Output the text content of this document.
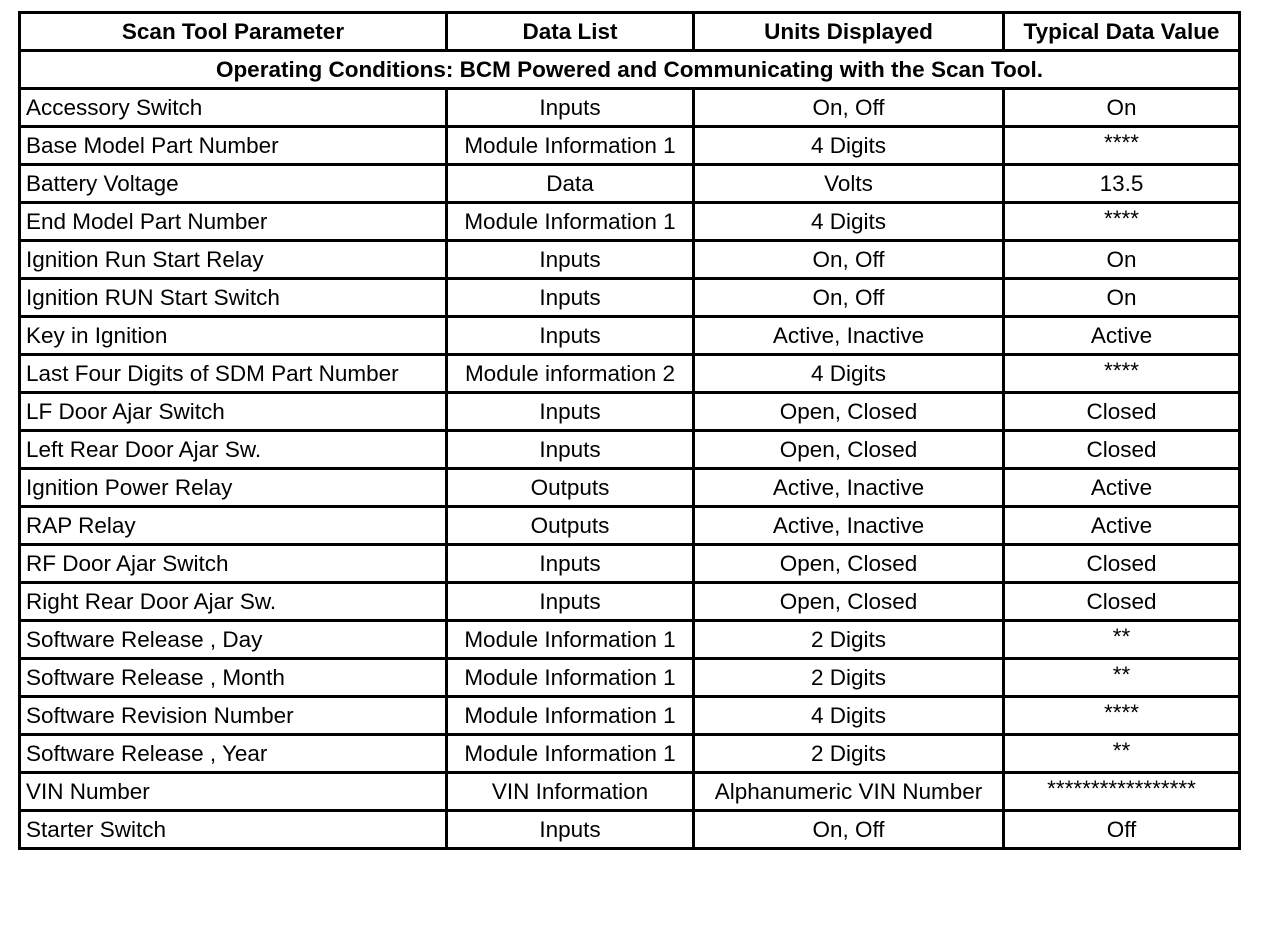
Scan Tool Parameter	Data List	Units Displayed	Typical Data Value
Operating Conditions: BCM Powered and Communicating with the Scan Tool.			
Accessory Switch	Inputs	On, Off	On
Base Model Part Number	Module Information 1	4 Digits	****
Battery Voltage	Data	Volts	13.5
End Model Part Number	Module Information 1	4 Digits	****
Ignition Run Start Relay	Inputs	On, Off	On
Ignition RUN Start Switch	Inputs	On, Off	On
Key in Ignition	Inputs	Active, Inactive	Active
Last Four Digits of SDM Part Number	Module information 2	4 Digits	****
LF Door Ajar Switch	Inputs	Open, Closed	Closed
Left Rear Door Ajar Sw.	Inputs	Open, Closed	Closed
Ignition Power Relay	Outputs	Active, Inactive	Active
RAP Relay	Outputs	Active, Inactive	Active
RF Door Ajar Switch	Inputs	Open, Closed	Closed
Right Rear Door Ajar Sw.	Inputs	Open, Closed	Closed
Software Release , Day	Module Information 1	2 Digits	**
Software Release , Month	Module Information 1	2 Digits	**
Software Revision Number	Module Information 1	4 Digits	****
Software Release , Year	Module Information 1	2 Digits	**
VIN Number	VIN Information	Alphanumeric VIN Number	*****************
Starter Switch	Inputs	On, Off	Off
